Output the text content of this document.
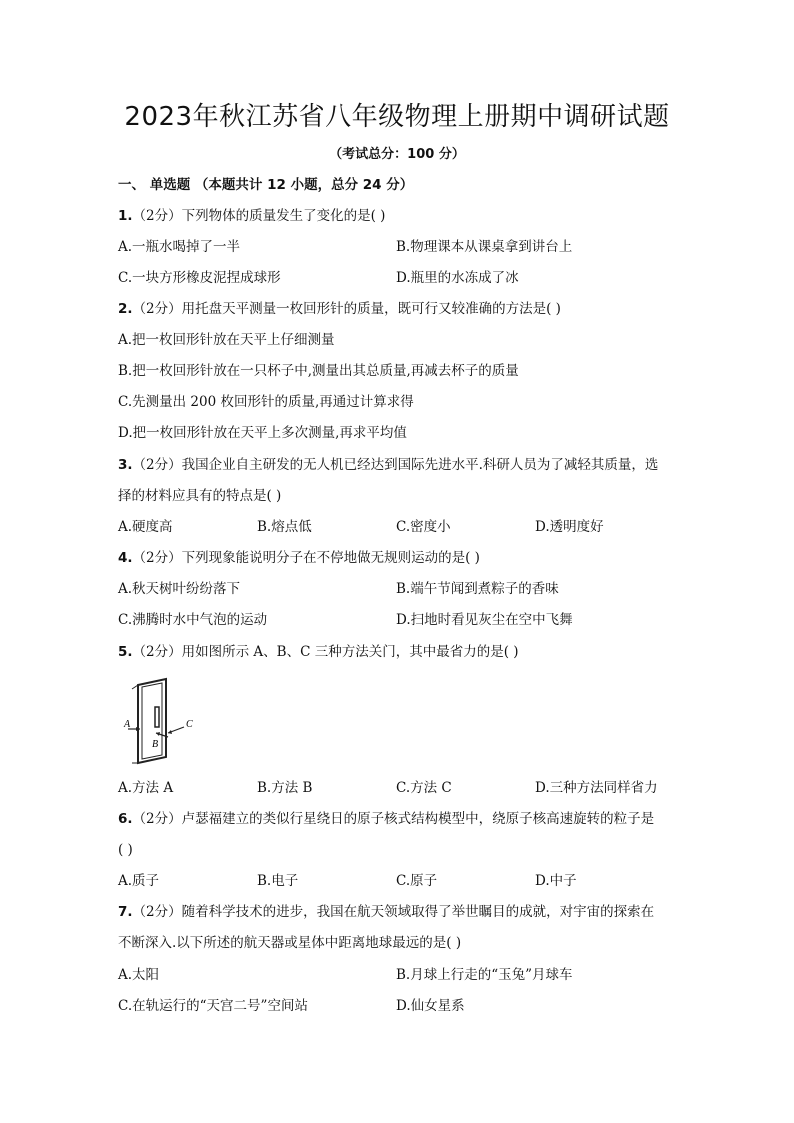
2023年秋江苏省八年级物理上册期中调研试题
（考试总分：100 分）
一、 单选题 （本题共计 12 小题，总分 24 分）
1.（2分）下列物体的质量发生了变化的是( )
A.一瓶水喝掉了一半	B.物理课本从课桌拿到讲台上
C.一块方形橡皮泥捏成球形	D.瓶里的水冻成了冰
2.（2分）用托盘天平测量一枚回形针的质量，既可行又较准确的方法是( )
A.把一枚回形针放在天平上仔细测量
B.把一枚回形针放在一只杯子中,测量出其总质量,再减去杯子的质量
C.先测量出 200 枚回形针的质量,再通过计算求得
D.把一枚回形针放在天平上多次测量,再求平均值
3.（2分）我国企业自主研发的无人机已经达到国际先进水平.科研人员为了减轻其质量，选
择的材料应具有的特点是( )
A.硬度高	B.熔点低	C.密度小	D.透明度好
4.（2分）下列现象能说明分子在不停地做无规则运动的是( )
A.秋天树叶纷纷落下	B.端午节闻到煮粽子的香味
C.沸腾时水中气泡的运动	D.扫地时看见灰尘在空中飞舞
5.（2分）用如图所示 A、B、C 三种方法关门，其中最省力的是( )
A
B
C
A.方法 A	B.方法 B	C.方法 C	D.三种方法同样省力
6.（2分）卢瑟福建立的类似行星绕日的原子核式结构模型中，绕原子核高速旋转的粒子是
( )
A.质子	B.电子	C.原子	D.中子
7.（2分）随着科学技术的进步，我国在航天领域取得了举世瞩目的成就，对宇宙的探索在
不断深入.以下所述的航天器或星体中距离地球最远的是( )
A.太阳	B.月球上行走的“玉兔”月球车
C.在轨运行的“天宫二号”空间站	D.仙女星系
